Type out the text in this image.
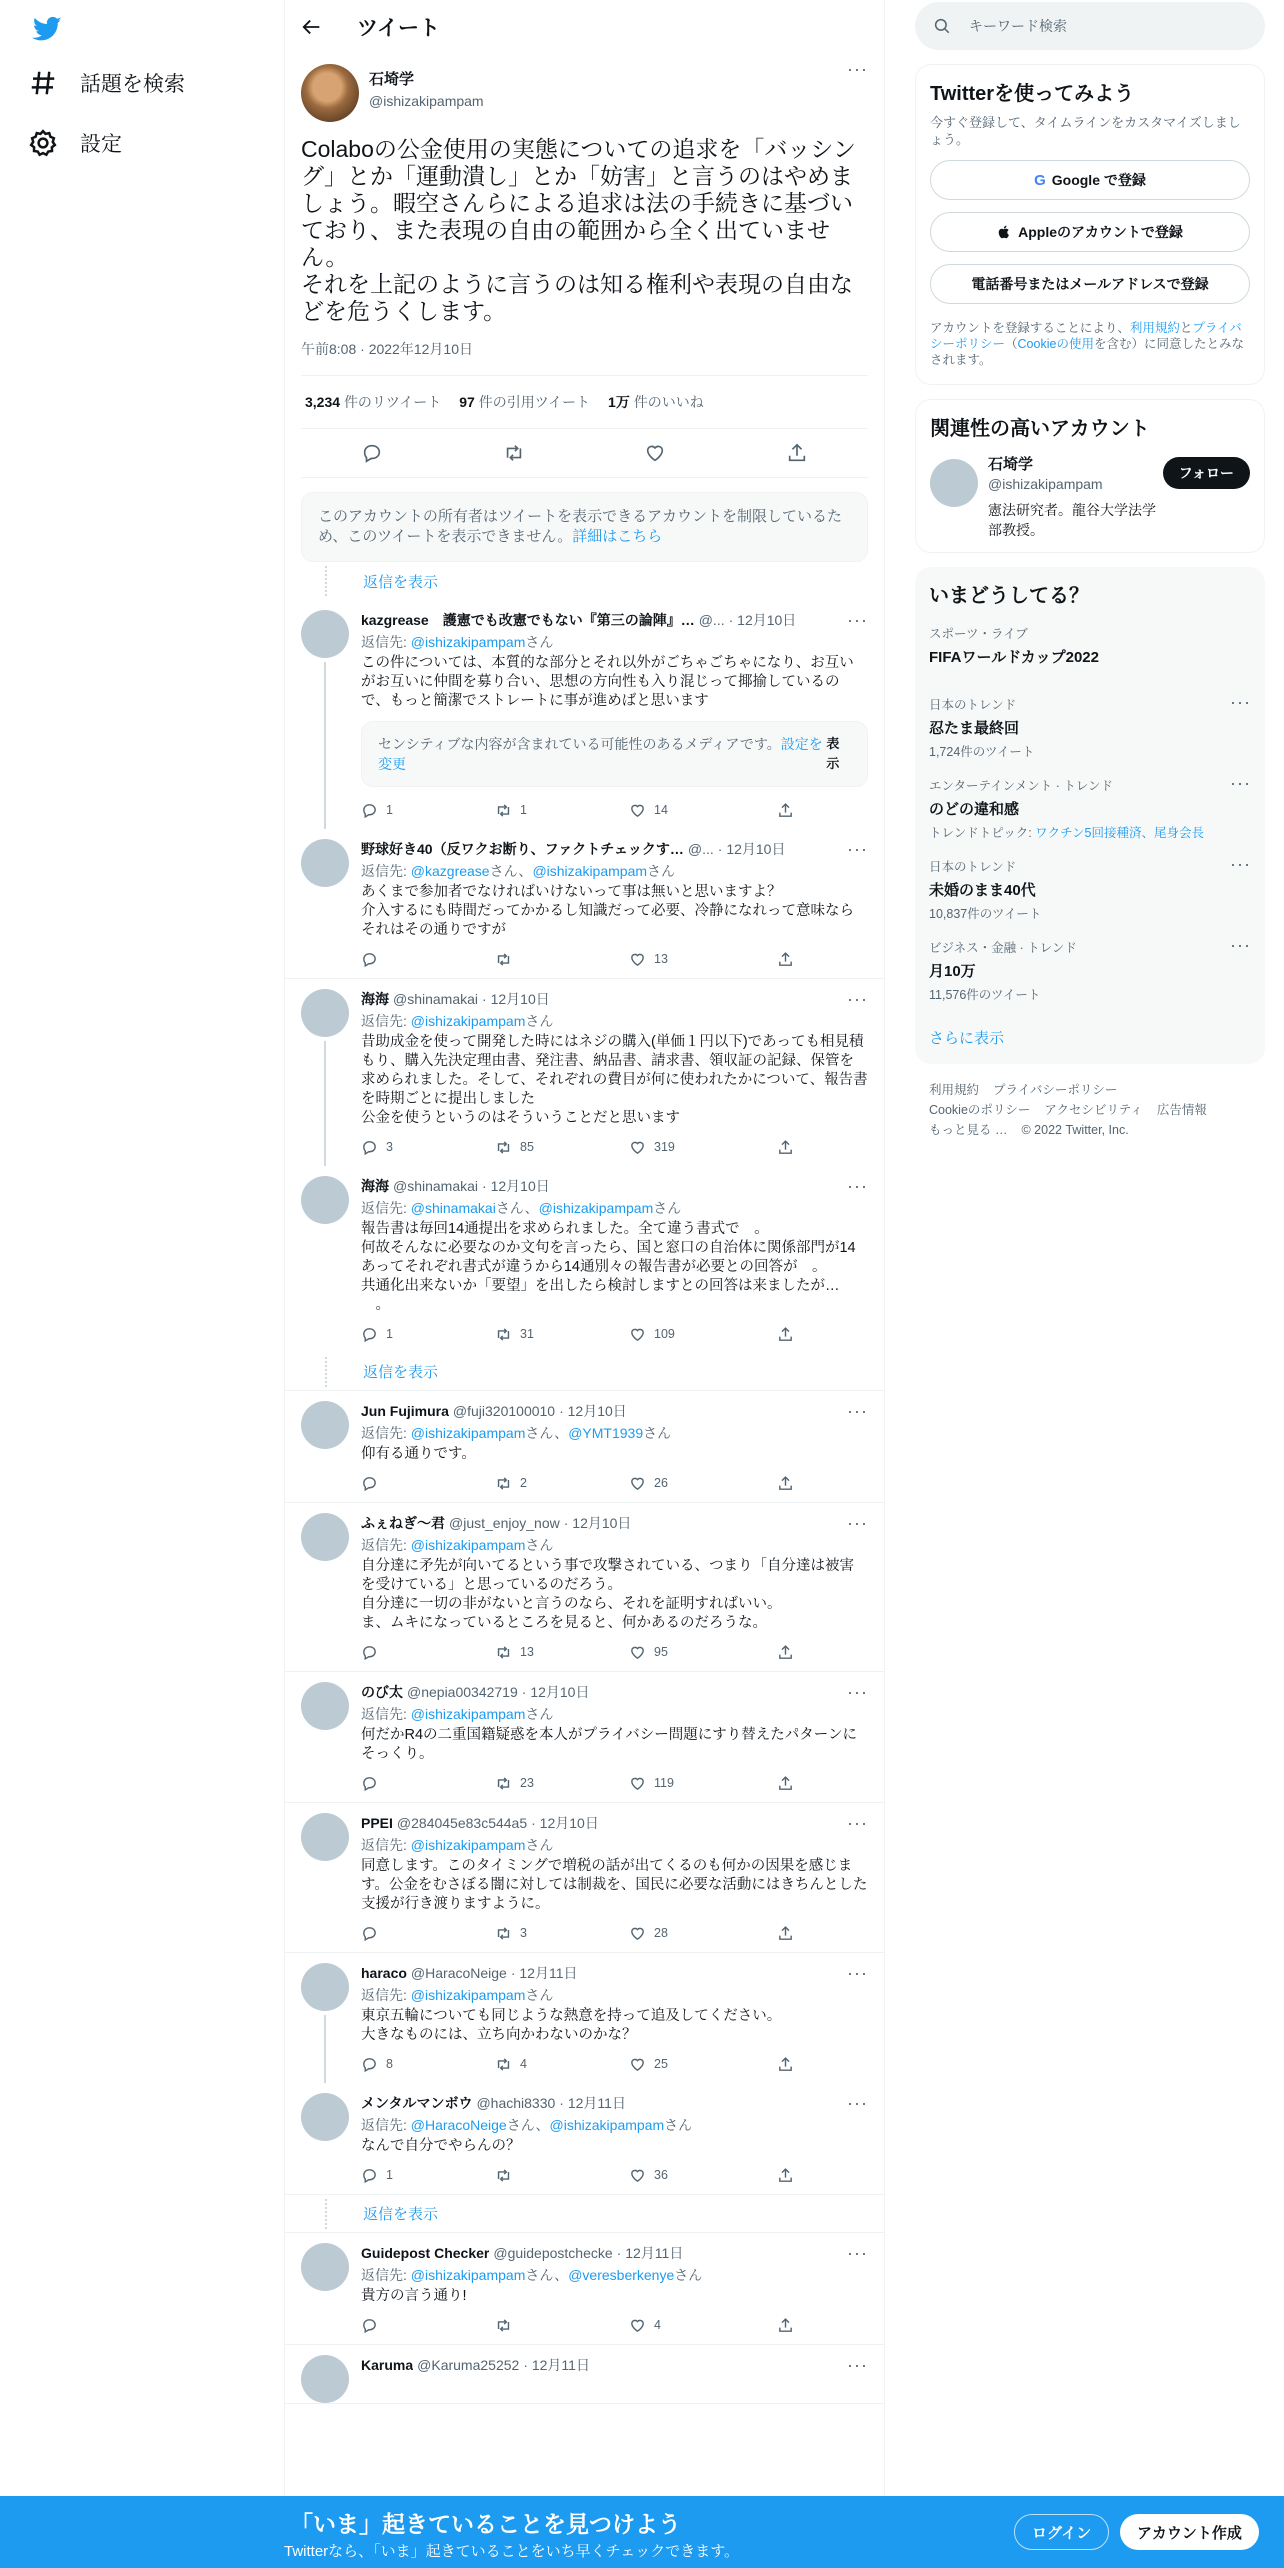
話題を検索
設定
ツイート
石埼学
@ishizakipampam
···
Colaboの公金使用の実態についての追求を「バッシング」とか「運動潰し」とか「妨害」と言うのはやめましょう。暇空さんらによる追求は法の手続きに基づいており、また表現の自由の範囲から全く出ていません。
それを上記のように言うのは知る権利や表現の自由などを危うくします。
午前8:08 · 2022年12月10日
3,234 件のリツイート 97 件の引用ツイート 1万 件のいいね
このアカウントの所有者はツイートを表示できるアカウントを制限しているため、このツイートを表示できません。詳細はこちら
返信を表示
kazgrease　護憲でも改憲でもない『第三の論陣』… @... · 12月10日	···
返信先: @ishizakipampamさん
この件については、本質的な部分とそれ以外がごちゃごちゃになり、お互いがお互いに仲間を募り合い、思想の方向性も入り混じって揶揄しているので、もっと簡潔でストレートに事が進めばと思います
センシティブな内容が含まれている可能性のあるメディアです。設定を変更
表示
1	1	14
野球好き40（反ワクお断り、ファクトチェックす… @... · 12月10日	···
返信先: @kazgreaseさん、@ishizakipampamさん
あくまで参加者でなければいけないって事は無いと思いますよ？
介入するにも時間だってかかるし知識だって必要、冷静になれって意味ならそれはその通りですが
13
海海 @shinamakai · 12月10日	···
返信先: @ishizakipampamさん
昔助成金を使って開発した時にはネジの購入(単価１円以下)であっても相見積もり、購入先決定理由書、発注書、納品書、請求書、領収証の記録、保管を求められました。そして、それぞれの費目が何に使われたかについて、報告書を時期ごとに提出しました
公金を使うというのはそういうことだと思います
3	85	319
海海 @shinamakai · 12月10日	···
返信先: @shinamakaiさん、@ishizakipampamさん
報告書は毎回14通提出を求められました。全て違う書式で　。
何故そんなに必要なのか文句を言ったら、国と窓口の自治体に関係部門が14あってそれぞれ書式が違うから14通別々の報告書が必要との回答が　。
共通化出来ないか「要望」を出したら検討しますとの回答は来ましたが…
　。
1	31	109
返信を表示
Jun Fujimura @fuji320100010 · 12月10日	···
返信先: @ishizakipampamさん、@YMT1939さん
仰有る通りです。
2	26
ふぇねぎ〜君 @just_enjoy_now · 12月10日	···
返信先: @ishizakipampamさん
自分達に矛先が向いてるという事で攻撃されている、つまり「自分達は被害を受けている」と思っているのだろう。
自分達に一切の非がないと言うのなら、それを証明すればいい。
ま、ムキになっているところを見ると、何かあるのだろうな。
13	95
のび太 @nepia00342719 · 12月10日	···
返信先: @ishizakipampamさん
何だかR4の二重国籍疑惑を本人がプライバシー問題にすり替えたパターンにそっくり。
23	119
PPEI @284045e83c544a5 · 12月10日	···
返信先: @ishizakipampamさん
同意します。このタイミングで増税の話が出てくるのも何かの因果を感じます。公金をむさぼる闇に対しては制裁を、国民に必要な活動にはきちんとした支援が行き渡りますように。
3	28
haraco @HaracoNeige · 12月11日	···
返信先: @ishizakipampamさん
東京五輪についても同じような熱意を持って追及してください。
大きなものには、立ち向かわないのかな？
8	4	25
メンタルマンボウ @hachi8330 · 12月11日	···
返信先: @HaracoNeigeさん、@ishizakipampamさん
なんで自分でやらんの？
1	36
返信を表示
Guidepost Checker @guidepostchecke · 12月11日	···
返信先: @ishizakipampamさん、@veresberkenyeさん
貴方の言う通り!
4
Karuma @Karuma25252 · 12月11日	···
キーワード検索
Twitterを使ってみよう
今すぐ登録して、タイムラインをカスタマイズしましょう。
G Google で登録
Appleのアカウントで登録
電話番号またはメールアドレスで登録
アカウントを登録することにより、利用規約とプライバシーポリシー（Cookieの使用を含む）に同意したとみなされます。
関連性の高いアカウント
石埼学
@ishizakipampam
憲法研究者。龍谷大学法学部教授。
フォロー
いまどうしてる？
スポーツ・ライブ
FIFAワールドカップ2022
日本のトレンド
忍たま最終回
1,724件のツイート
···
エンターテインメント · トレンド
のどの違和感
トレンドトピック: ワクチン5回接種済、尾身会長
···
日本のトレンド
未婚のまま40代
10,837件のツイート
···
ビジネス・金融 · トレンド
月10万
11,576件のツイート
···
さらに表示
利用規約 プライバシーポリシー
Cookieのポリシー アクセシビリティ 広告情報
もっと見る … © 2022 Twitter, Inc.
「いま」起きていることを見つけよう
Twitterなら、「いま」起きていることをいち早くチェックできます。
ログイン	アカウント作成
